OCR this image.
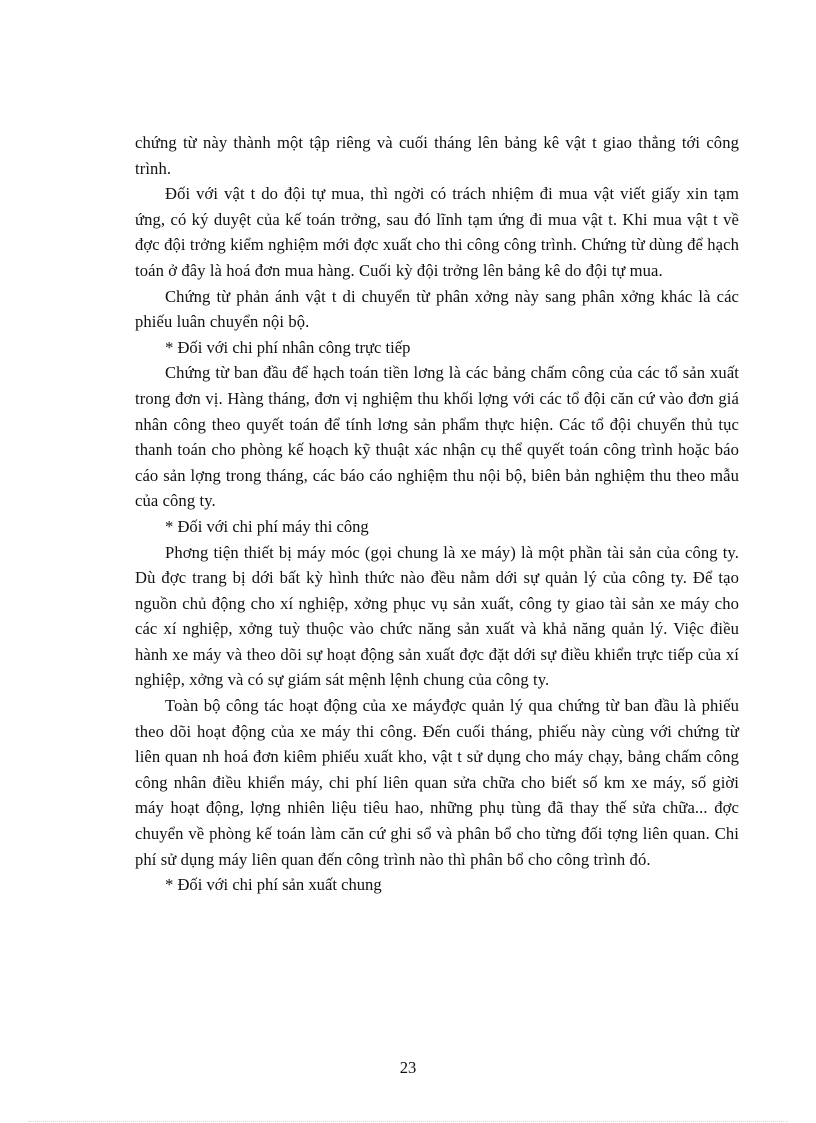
chứng từ này thành một tập riêng và cuối tháng lên bảng kê vật t giao thẳng tới công trình.

Đối với vật t do đội tự mua, thì ngời có trách nhiệm đi mua vật viết giấy xin tạm ứng, có ký duyệt của kế toán trởng, sau đó lĩnh tạm ứng đi mua vật t. Khi mua vật t về đợc đội trởng kiểm nghiệm mới đợc xuất cho thi công công trình. Chứng từ dùng để hạch toán ở đây là hoá đơn mua hàng. Cuối kỳ đội trởng lên bảng kê do đội tự mua.

Chứng từ phản ánh vật t di chuyển từ phân xởng này sang phân xởng khác là các phiếu luân chuyển nội bộ.

* Đối với chi phí nhân công trực tiếp

Chứng từ ban đầu để hạch toán tiền lơng là các bảng chấm công của các tổ sản xuất trong đơn vị. Hàng tháng, đơn vị nghiệm thu khối lợng với các tổ đội căn cứ vào đơn giá nhân công theo quyết toán để tính lơng sản phẩm thực hiện. Các tổ đội chuyển thủ tục thanh toán cho phòng kế hoạch kỹ thuật xác nhận cụ thể quyết toán công trình hoặc báo cáo sản lợng trong tháng, các báo cáo nghiệm thu nội bộ, biên bản nghiệm thu theo mẫu của công ty.

* Đối với chi phí máy thi công

Phơng tiện thiết bị máy móc (gọi chung là xe máy) là một phần tài sản của công ty. Dù đợc trang bị dới bất kỳ hình thức nào đều nằm dới sự quản lý của công ty. Để tạo nguồn chủ động cho xí nghiệp, xởng phục vụ sản xuất, công ty giao tài sản xe máy cho các xí nghiệp, xởng tuỳ thuộc vào chức năng sản xuất và khả năng quản lý. Việc điều hành xe máy và theo dõi sự hoạt động sản xuất đợc đặt dới sự điều khiển trực tiếp của xí nghiệp, xởng và có sự giám sát mệnh lệnh chung của công ty.

Toàn bộ công tác hoạt động của xe máyđợc quản lý qua chứng từ ban đầu là phiếu theo dõi hoạt động của xe máy thi công. Đến cuối tháng, phiếu này cùng với chứng từ liên quan nh hoá đơn kiêm phiếu xuất kho, vật t sử dụng cho máy chạy, bảng chấm công công nhân điều khiển máy, chi phí liên quan sửa chữa cho biết số km xe máy, số giời máy hoạt động, lợng nhiên liệu tiêu hao, những phụ tùng đã thay thế sửa chữa... đợc chuyển về phòng kế toán làm căn cứ ghi sổ và phân bổ cho từng đối tợng liên quan. Chi phí sử dụng máy liên quan đến công trình nào thì phân bổ cho công trình đó.

* Đối với chi phí sản xuất chung

23
